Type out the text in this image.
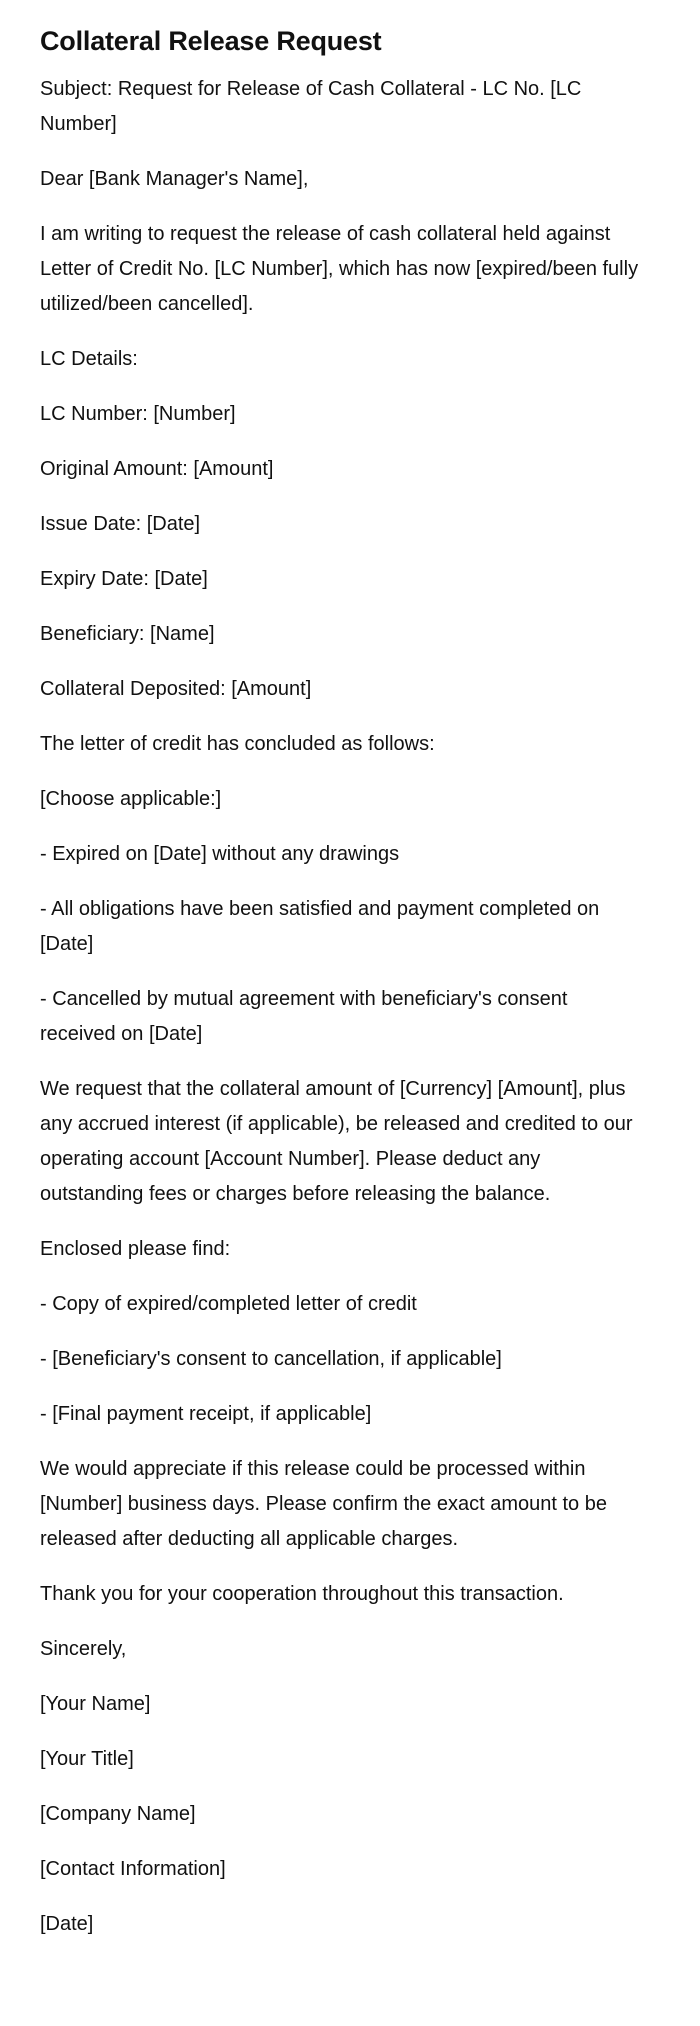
Collateral Release Request

Subject: Request for Release of Cash Collateral - LC No. [LC Number]

Dear [Bank Manager's Name],

I am writing to request the release of cash collateral held against Letter of Credit No. [LC Number], which has now [expired/been fully utilized/been cancelled].

LC Details:

LC Number: [Number]

Original Amount: [Amount]

Issue Date: [Date]

Expiry Date: [Date]

Beneficiary: [Name]

Collateral Deposited: [Amount]

The letter of credit has concluded as follows:

[Choose applicable:]

- Expired on [Date] without any drawings

- All obligations have been satisfied and payment completed on [Date]

- Cancelled by mutual agreement with beneficiary's consent received on [Date]

We request that the collateral amount of [Currency] [Amount], plus any accrued interest (if applicable), be released and credited to our operating account [Account Number]. Please deduct any outstanding fees or charges before releasing the balance.

Enclosed please find:

- Copy of expired/completed letter of credit

- [Beneficiary's consent to cancellation, if applicable]

- [Final payment receipt, if applicable]

We would appreciate if this release could be processed within [Number] business days. Please confirm the exact amount to be released after deducting all applicable charges.

Thank you for your cooperation throughout this transaction.

Sincerely,

[Your Name]

[Your Title]

[Company Name]

[Contact Information]

[Date]
